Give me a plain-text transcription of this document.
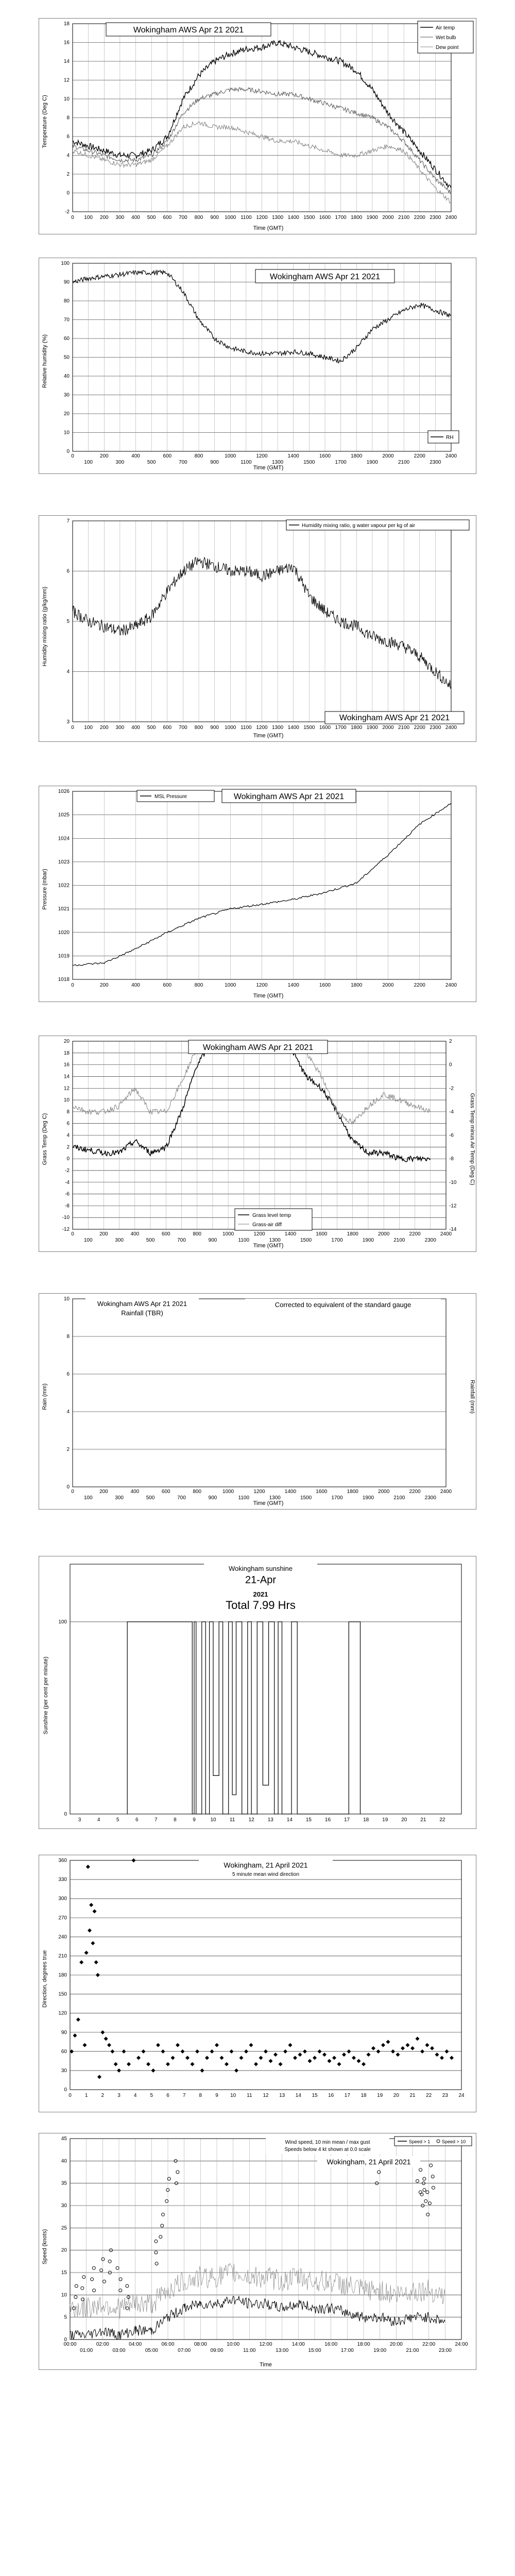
-2
0
2
4
6
8
10
12
14
16
18
0 100 200 300 400 500 600 700 800 900 1000 1100 1200 1300 1400 1500 1600 1700 1800 1900 2000 2100 2200 2300 2400
Wokingham AWS Apr 21 2021	Air temp
Wet bulb
Dew point
Temperature (Deg C)
Time (GMT)
0
10
20
30
40
50
60
70
80
90
100
0
100
200
300
400
500
600
700
800
900
1000
1100
1200
1300
1400
1500
1600
1700
1800
1900
2000
2100
2200
2300
2400
Wokingham AWS Apr 21 2021
RH
Relative humidity (%)
Time (GMT)
3
4
5
6
7
0 100 200 300 400 500 600 700 800 900 1000 1100 1200 1300 1400 1500 1600 1700 1800 1900 2000 2100 2200 2300 2400
Humidity mixing ratio, g water vapour per kg of air
Wokingham AWS Apr 21 2021
Humidity mixing ratio (g/kg/mm)
Time (GMT)
1018
1019
1020
1021
1022
1023
1024
1025
1026
0	200	400	600	800	1000	1200	1400	1600	1800	2000	2200	2400
MSL Pressure	Wokingham AWS Apr 21 2021
Pressure (mbar)
Time (GMT)
-12
-10
-8
-6
-4
-2
0
2
4
6
8
10
12
14
16
18
20
0
100
200
300
400
500
600
700
800
900
1000
1100
1200
1300
1400
1500
1600
1700
1800
1900
2000
2100
2200
2300
2400
-14
-12
-10
-8
-6
-4
-2
0
2
Wokingham AWS Apr 21 2021
Grass level temp
Grass-air diff
Grass Temp (Deg C)	Grass Temp minus Air Temp (Deg C)
Time (GMT)
0
2
4
6
8
10
0
100
200
300
400
500
600
700
800
900
1000
1100
1200
1300
1400
1500
1600
1700
1800
1900
2000
2100
2200
2300
2400
Wokingham AWS Apr 21 2021
Rainfall (TBR)
Corrected to equivalent of the standard gauge
Rain (mm)	Rainfall (mm)
Time (GMT)
0
100
3	4	5	6	7	8	9	10	11	12	13	14	15	16	17	18	19	20	21	22
Wokingham sunshine
21-Apr
2021
Total 7.99 Hrs
Sunshine (per cent per minute)
0
30
60
90
120
150
180
210
240
270
300
330
360
0	1	2	3	4	5	6	7	8	9 10 11 12 13 14 15 16 17 18 19 20 21 22 23 24
Wokingham, 21 April 2021
5 minute mean wind direction
Direction, degrees true
0
5
10
15
20
25
30
35
40
45
00:00
01:00
02:00
03:00
04:00
05:00
06:00
07:00
08:00
09:00
10:00
11:00
12:00
13:00
14:00
15:00
16:00
17:00
18:00
19:00
20:00
21:00
22:00
23:00
24:00
Wind speed, 10 min mean / max gust
Speeds below 4 kt shown at 0.0 scale
Speed > 1	Speed > 10
Wokingham, 21 April 2021
Speed (knots)
Time
